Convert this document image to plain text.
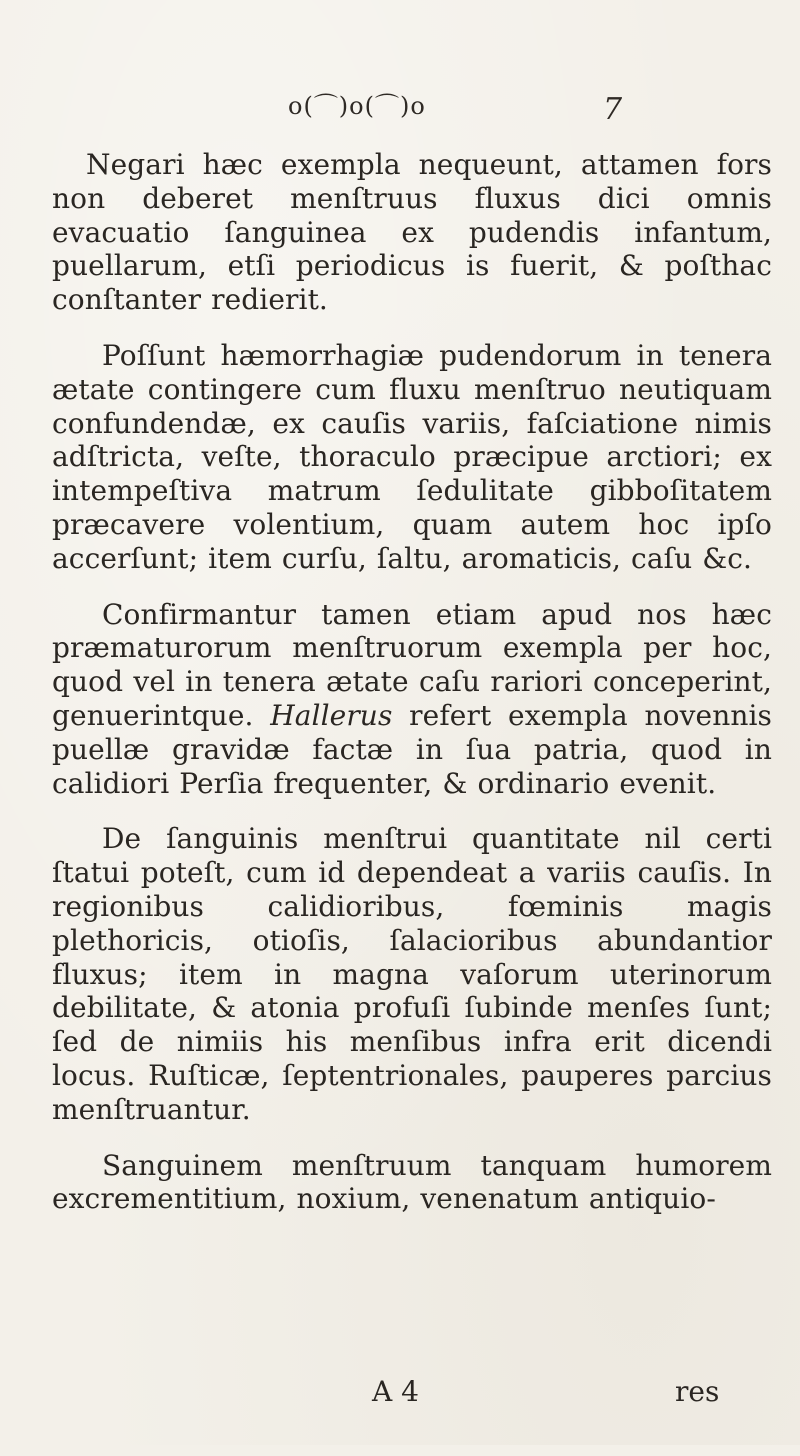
o(⌒)o(⌒)o	7

Negari hæc exempla nequeunt, attamen fors non deberet menſtruus fluxus dici omnis evacuatio ſanguinea ex pudendis infantum, puellarum, etſi periodicus is fuerit, & poſthac conſtanter redierit.

Poſſunt hæmorrhagiæ pudendorum in tenera ætate contingere cum fluxu menſtruo neutiquam confundendæ, ex cauſis variis, faſciatione nimis adſtricta, veſte, thoraculo præcipue arctiori; ex intempeſtiva matrum ſedulitate gibboſitatem præcavere volentium, quam autem hoc ipſo accerſunt; item curſu, ſaltu, aromaticis, caſu &c.

Confirmantur tamen etiam apud nos hæc præmaturorum menſtruorum exempla per hoc, quod vel in tenera ætate caſu rariori conceperint, genuerintque. Hallerus refert exempla novennis puellæ gravidæ factæ in ſua patria, quod in calidiori Perſia frequenter, & ordinario evenit.

De ſanguinis menſtrui quantitate nil certi ſtatui poteſt, cum id dependeat a variis cauſis. In regionibus calidioribus, fœminis magis plethoricis, otioſis, ſalacioribus abundantior fluxus; item in magna vaſorum uterinorum debilitate, & atonia profuſi ſubinde menſes ſunt; ſed de nimiis his menſibus infra erit dicendi locus. Ruſticæ, ſeptentrionales, pauperes parcius menſtruantur.

Sanguinem menſtruum tanquam humorem excrementitium, noxium, venenatum antiquio-

A 4	res
